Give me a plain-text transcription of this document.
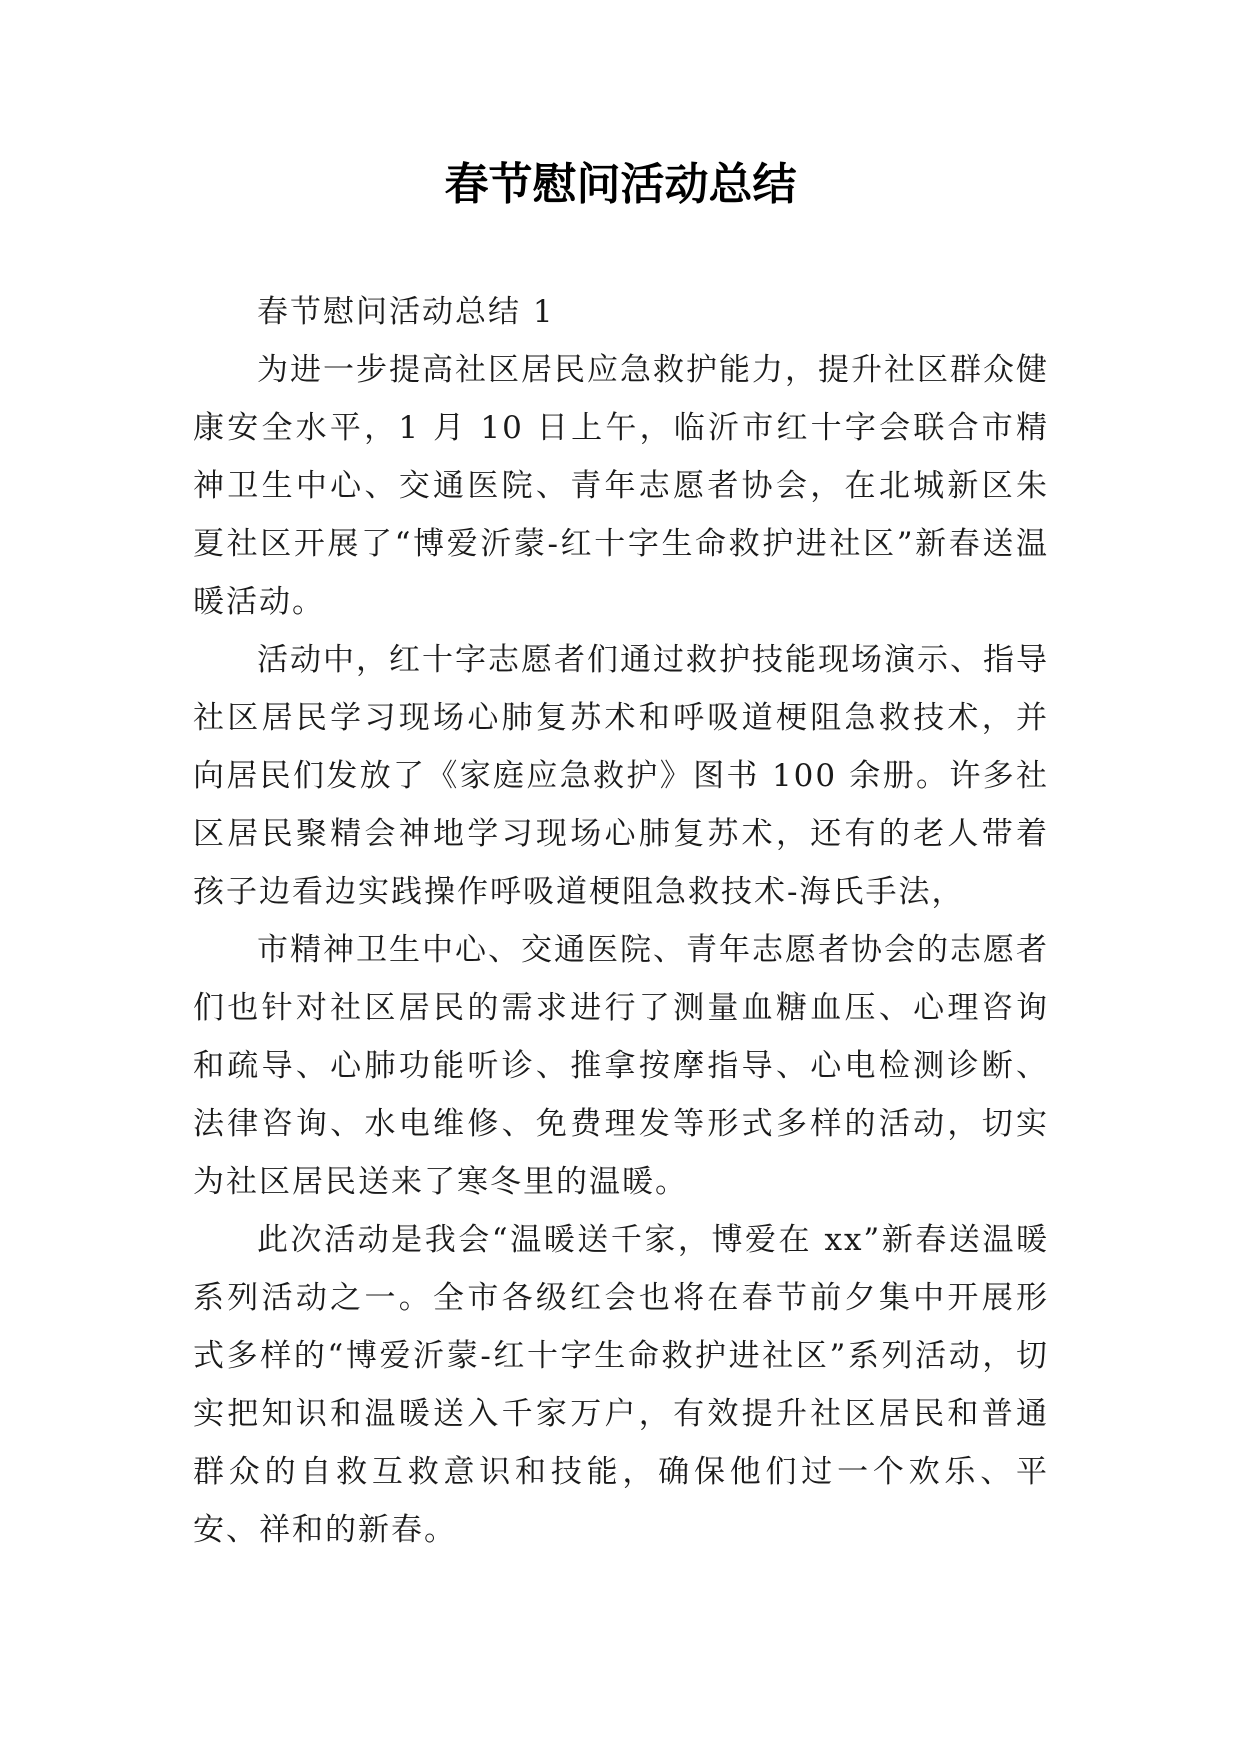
春节慰问活动总结

春节慰问活动总结 1

为进一步提高社区居民应急救护能力，提升社区群众健康安全水平，1 月 10 日上午，临沂市红十字会联合市精神卫生中心、交通医院、青年志愿者协会，在北城新区朱夏社区开展了“博爱沂蒙-红十字生命救护进社区”新春送温暖活动。

活动中，红十字志愿者们通过救护技能现场演示、指导社区居民学习现场心肺复苏术和呼吸道梗阻急救技术，并向居民们发放了《家庭应急救护》图书 100 余册。许多社区居民聚精会神地学习现场心肺复苏术，还有的老人带着孩子边看边实践操作呼吸道梗阻急救技术-海氏手法，

市精神卫生中心、交通医院、青年志愿者协会的志愿者们也针对社区居民的需求进行了测量血糖血压、心理咨询和疏导、心肺功能听诊、推拿按摩指导、心电检测诊断、法律咨询、水电维修、免费理发等形式多样的活动，切实为社区居民送来了寒冬里的温暖。

此次活动是我会“温暖送千家，博爱在 xx”新春送温暖系列活动之一。全市各级红会也将在春节前夕集中开展形式多样的“博爱沂蒙-红十字生命救护进社区”系列活动，切实把知识和温暖送入千家万户，有效提升社区居民和普通群众的自救互救意识和技能，确保他们过一个欢乐、平安、祥和的新春。
